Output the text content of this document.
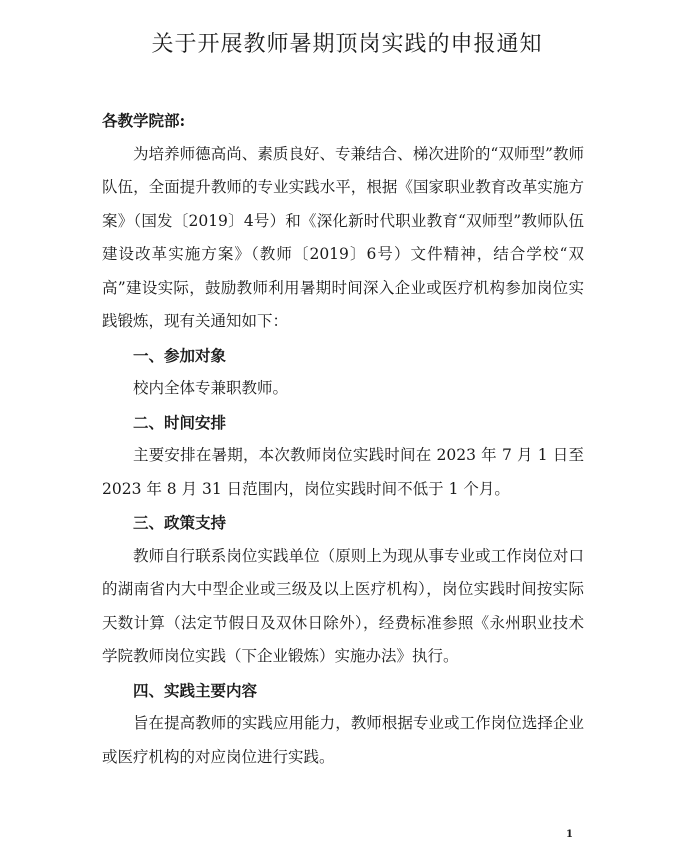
关于开展教师暑期顶岗实践的申报通知

各教学院部:

为培养师德高尚、素质良好、专兼结合、梯次进阶的“双师型”教师队伍，全面提升教师的专业实践水平，根据《国家职业教育改革实施方案》（国发〔2019〕4号）和《深化新时代职业教育“双师型”教师队伍建设改革实施方案》（教师〔2019〕6号）文件精神，结合学校“双高”建设实际，鼓励教师利用暑期时间深入企业或医疗机构参加岗位实践锻炼，现有关通知如下：

一、参加对象

校内全体专兼职教师。

二、时间安排

主要安排在暑期，本次教师岗位实践时间在 2023 年 7 月 1 日至 2023 年 8 月 31 日范围内，岗位实践时间不低于 1 个月。

三、政策支持

教师自行联系岗位实践单位（原则上为现从事专业或工作岗位对口的湖南省内大中型企业或三级及以上医疗机构），岗位实践时间按实际天数计算（法定节假日及双休日除外），经费标准参照《永州职业技术学院教师岗位实践（下企业锻炼）实施办法》执行。

四、实践主要内容

旨在提高教师的实践应用能力，教师根据专业或工作岗位选择企业或医疗机构的对应岗位进行实践。

1
